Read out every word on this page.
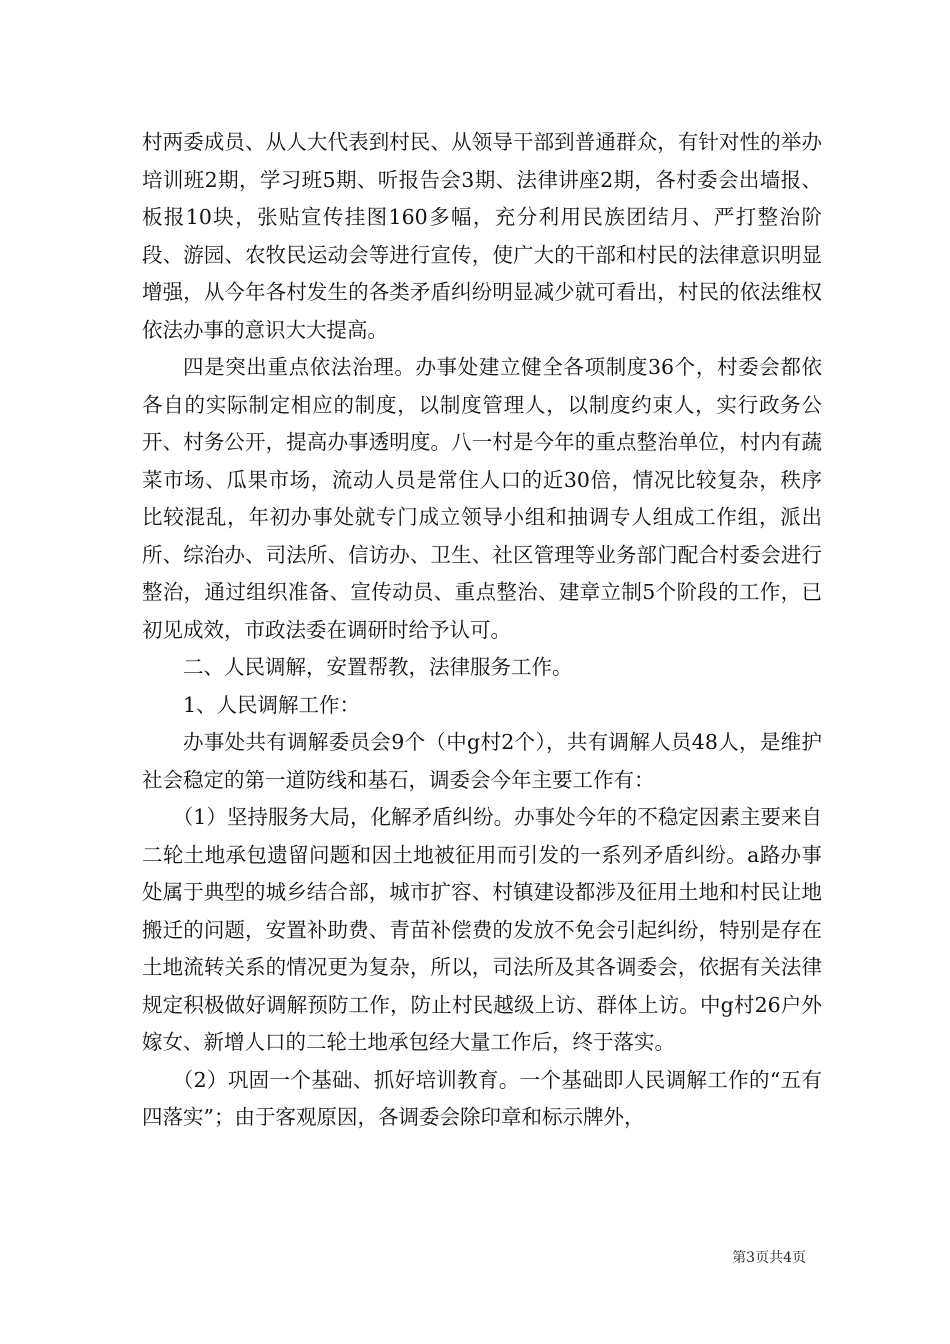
村两委成员、从人大代表到村民、从领导干部到普通群众，有针对性的举办培训班2期，学习班5期、听报告会3期、法律讲座2期，各村委会出墙报、板报10块，张贴宣传挂图160多幅，充分利用民族团结月、严打整治阶段、游园、农牧民运动会等进行宣传，使广大的干部和村民的法律意识明显增强，从今年各村发生的各类矛盾纠纷明显减少就可看出，村民的依法维权依法办事的意识大大提高。

四是突出重点依法治理。办事处建立健全各项制度36个，村委会都依各自的实际制定相应的制度，以制度管理人，以制度约束人，实行政务公开、村务公开，提高办事透明度。八一村是今年的重点整治单位，村内有蔬菜市场、瓜果市场，流动人员是常住人口的近30倍，情况比较复杂，秩序比较混乱，年初办事处就专门成立领导小组和抽调专人组成工作组，派出所、综治办、司法所、信访办、卫生、社区管理等业务部门配合村委会进行整治，通过组织准备、宣传动员、重点整治、建章立制5个阶段的工作，已初见成效，市政法委在调研时给予认可。

二、人民调解，安置帮教，法律服务工作。

1、人民调解工作：

办事处共有调解委员会9个（中g村2个），共有调解人员48人，是维护社会稳定的第一道防线和基石，调委会今年主要工作有：

（1）坚持服务大局，化解矛盾纠纷。办事处今年的不稳定因素主要来自二轮土地承包遗留问题和因土地被征用而引发的一系列矛盾纠纷。a路办事处属于典型的城乡结合部，城市扩容、村镇建设都涉及征用土地和村民让地搬迁的问题，安置补助费、青苗补偿费的发放不免会引起纠纷，特别是存在土地流转关系的情况更为复杂，所以，司法所及其各调委会，依据有关法律规定积极做好调解预防工作，防止村民越级上访、群体上访。中g村26户外嫁女、新增人口的二轮土地承包经大量工作后，终于落实。

（2）巩固一个基础、抓好培训教育。一个基础即人民调解工作的“五有四落实”；由于客观原因，各调委会除印章和标示牌外，

第3页共4页
